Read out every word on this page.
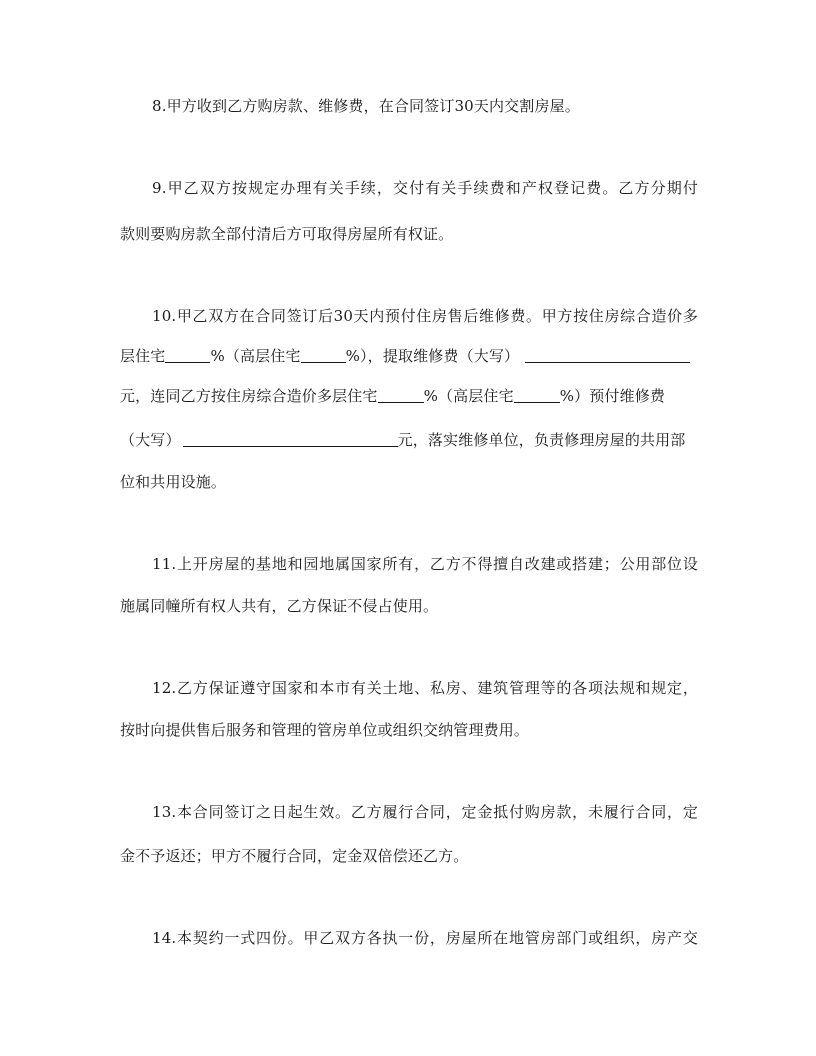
8.甲方收到乙方购房款、维修费，在合同签订30天内交割房屋。
9.甲乙双方按规定办理有关手续，交付有关手续费和产权登记费。乙方分期付
款则要购房款全部付清后方可取得房屋所有权证。
10.甲乙双方在合同签订后30天内预付住房售后维修费。甲方按住房综合造价多
层住宅	%（高层住宅	%），提取维修费（大写）
元，连同乙方按住房综合造价多层住宅	%（高层住宅	%）预付维修费
（大写）	元，落实维修单位，负责修理房屋的共用部
位和共用设施。
11.上开房屋的基地和园地属国家所有，乙方不得擅自改建或搭建；公用部位设
施属同幢所有权人共有，乙方保证不侵占使用。
12.乙方保证遵守国家和本市有关土地、私房、建筑管理等的各项法规和规定，
按时向提供售后服务和管理的管房单位或组织交纳管理费用。
13.本合同签订之日起生效。乙方履行合同，定金抵付购房款，未履行合同，定
金不予返还；甲方不履行合同，定金双倍偿还乙方。
14.本契约一式四份。甲乙双方各执一份，房屋所在地管房部门或组织，房产交
